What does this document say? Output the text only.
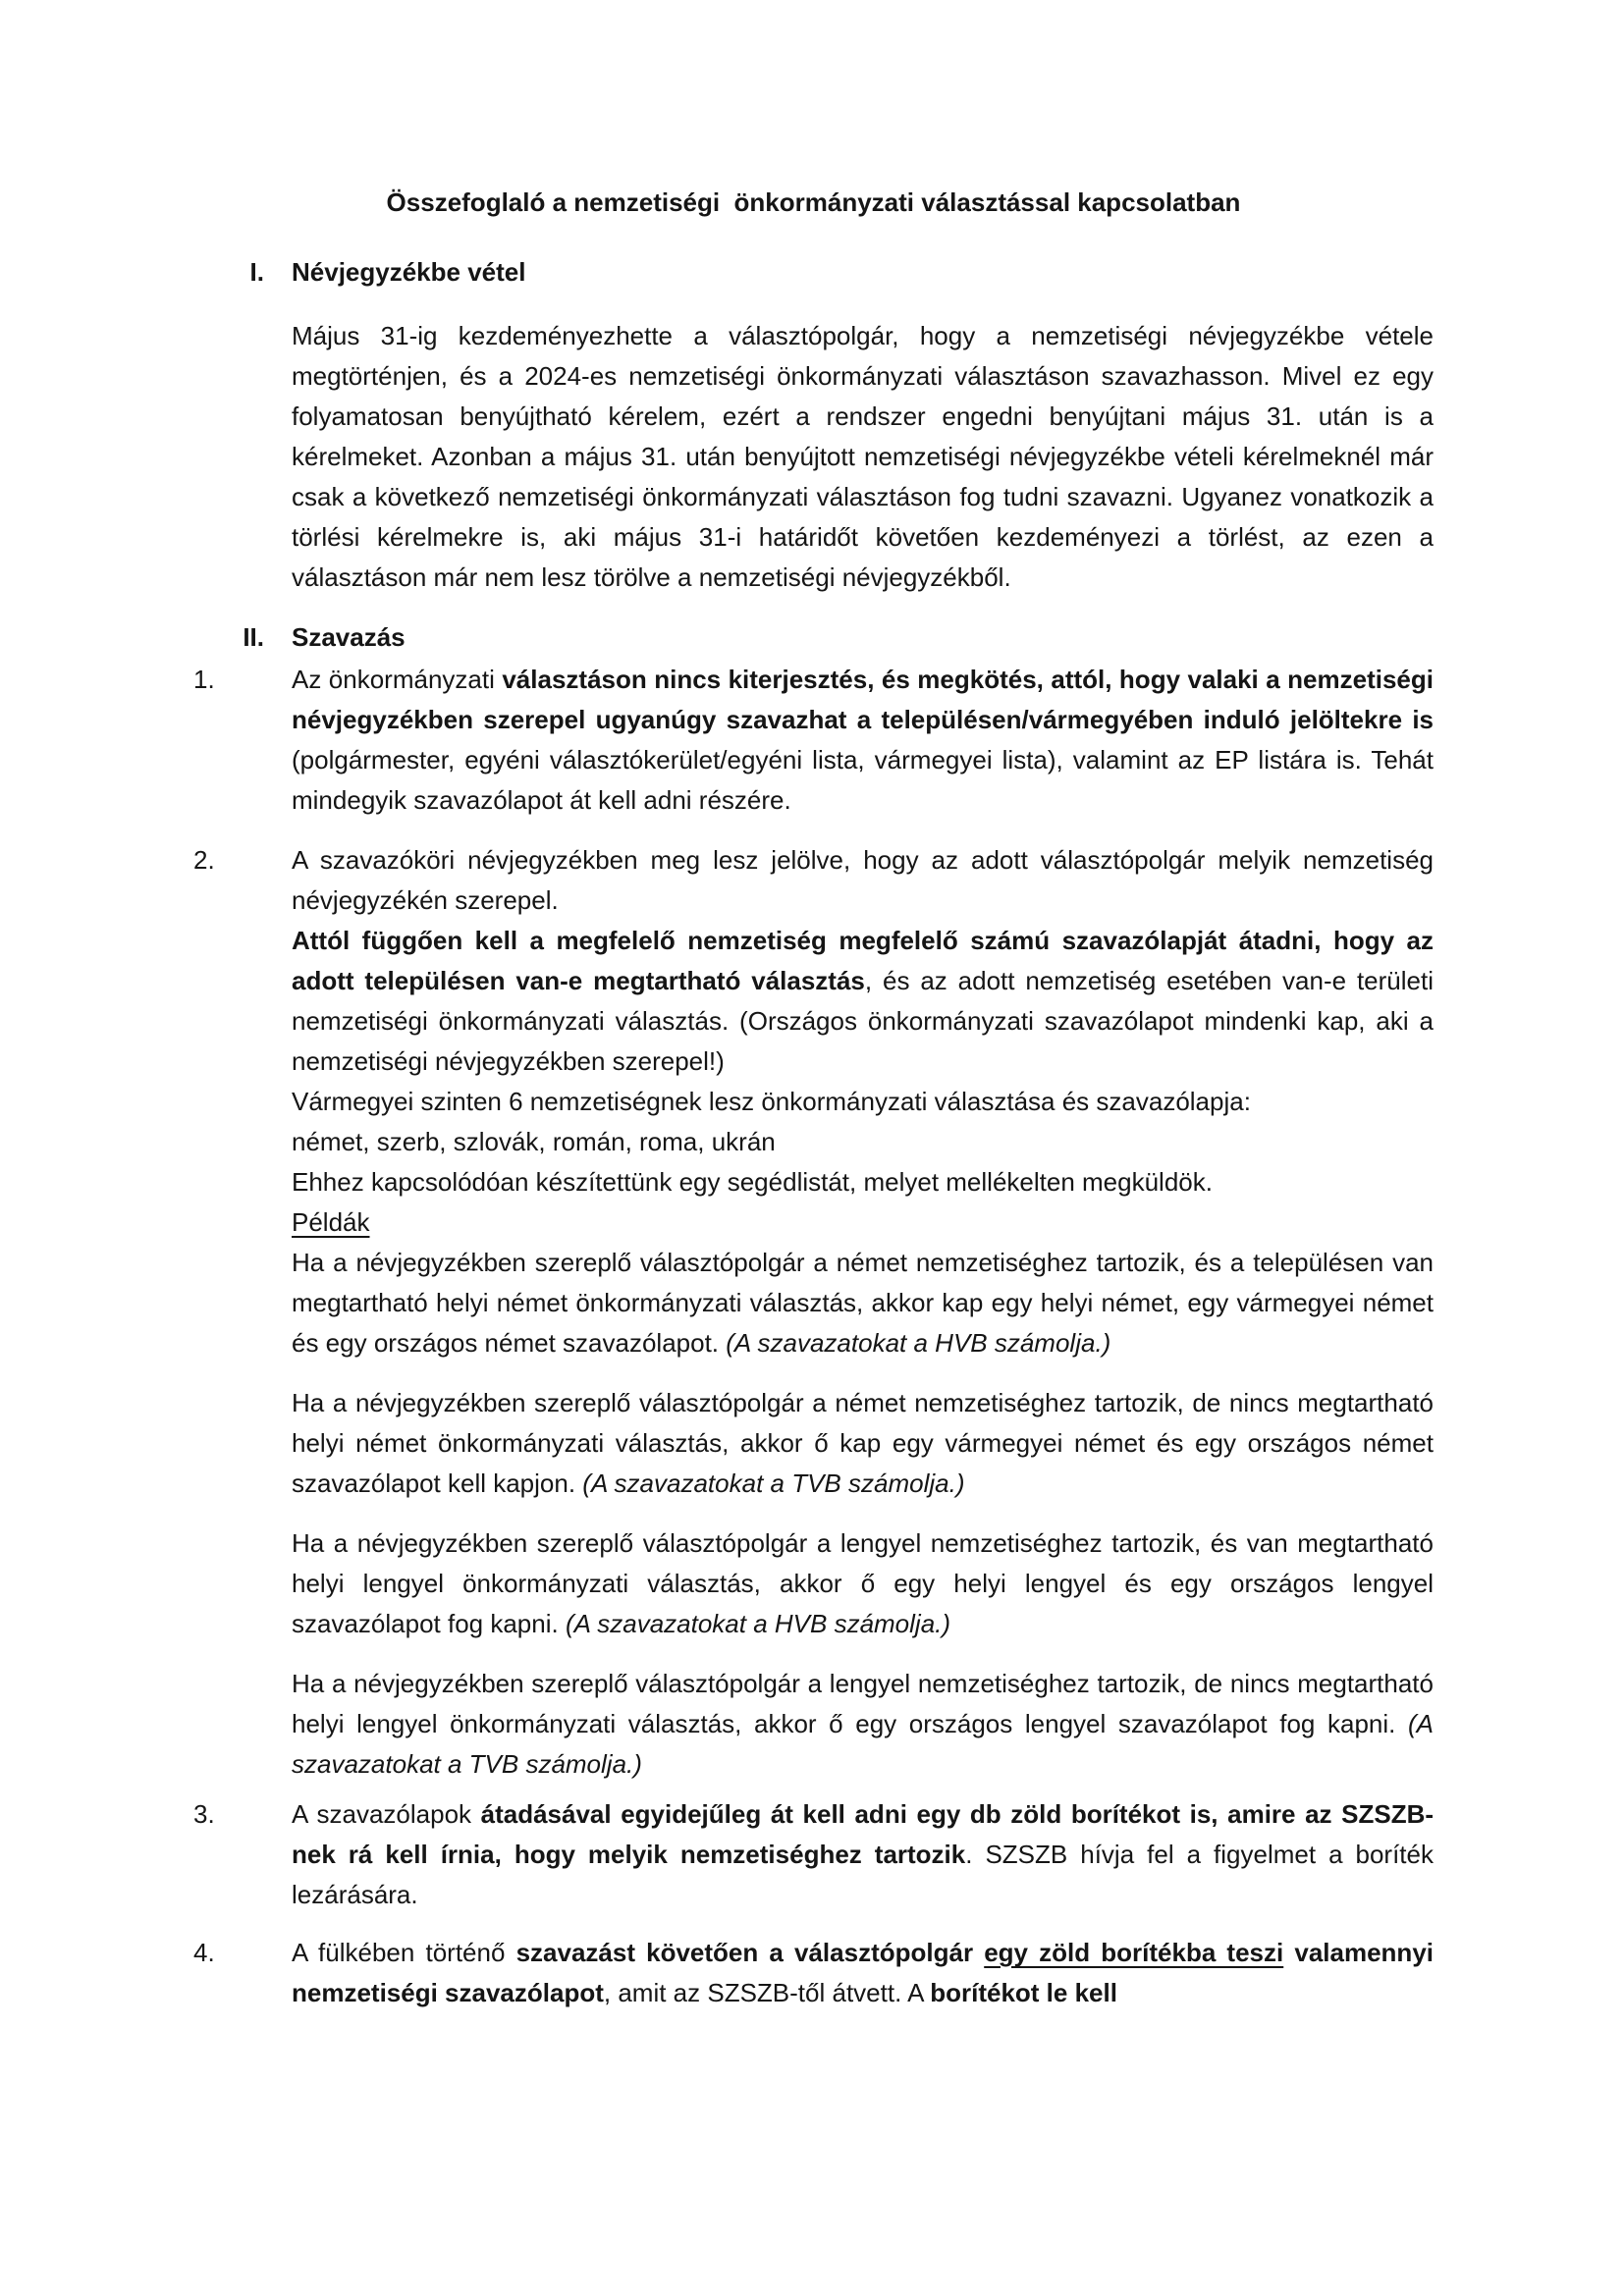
Összefoglaló a nemzetiségi  önkormányzati választással kapcsolatban
I.	Névjegyzékbe vétel
Május 31-ig kezdeményezhette a választópolgár, hogy a nemzetiségi névjegyzékbe vétele megtörténjen, és a 2024-es nemzetiségi önkormányzati választáson szavazhasson. Mivel ez egy folyamatosan benyújtható kérelem, ezért a rendszer engedni benyújtani május 31. után is a kérelmeket. Azonban a május 31. után benyújtott nemzetiségi névjegyzékbe vételi kérelmeknél már csak a következő nemzetiségi önkormányzati választáson fog tudni szavazni. Ugyanez vonatkozik a törlési kérelmekre is, aki május 31-i határidőt követően kezdeményezi a törlést, az ezen a választáson már nem lesz törölve a nemzetiségi névjegyzékből.
II.	Szavazás
1.	Az önkormányzati választáson nincs kiterjesztés, és megkötés, attól, hogy valaki a nemzetiségi névjegyzékben szerepel ugyanúgy szavazhat a településen/vármegyében induló jelöltekre is (polgármester, egyéni választókerület/egyéni lista, vármegyei lista), valamint az EP listára is. Tehát mindegyik szavazólapot át kell adni részére.
2.	A szavazóköri névjegyzékben meg lesz jelölve, hogy az adott választópolgár melyik nemzetiség névjegyzékén szerepel.
Attól függően kell a megfelelő nemzetiség megfelelő számú szavazólapját átadni, hogy az adott településen van-e megtartható választás, és az adott nemzetiség esetében van-e területi nemzetiségi önkormányzati választás. (Országos önkormányzati szavazólapot mindenki kap, aki a nemzetiségi névjegyzékben szerepel!)
Vármegyei szinten 6 nemzetiségnek lesz önkormányzati választása és szavazólapja:
német, szerb, szlovák, román, roma, ukrán
Ehhez kapcsolódóan készítettünk egy segédlistát, melyet mellékelten megküldök.
Példák
Ha a névjegyzékben szereplő választópolgár a német nemzetiséghez tartozik, és a településen van megtartható helyi német önkormányzati választás, akkor kap egy helyi német, egy vármegyei német és egy országos német szavazólapot. (A szavazatokat a HVB számolja.)
Ha a névjegyzékben szereplő választópolgár a német nemzetiséghez tartozik, de nincs megtartható helyi német önkormányzati választás, akkor ő kap egy vármegyei német és egy országos német szavazólapot kell kapjon. (A szavazatokat a TVB számolja.)
Ha a névjegyzékben szereplő választópolgár a lengyel nemzetiséghez tartozik, és van megtartható helyi lengyel önkormányzati választás, akkor ő egy helyi lengyel és egy országos lengyel szavazólapot fog kapni. (A szavazatokat a HVB számolja.)
Ha a névjegyzékben szereplő választópolgár a lengyel nemzetiséghez tartozik, de nincs megtartható helyi lengyel önkormányzati választás, akkor ő egy országos lengyel szavazólapot fog kapni. (A szavazatokat a TVB számolja.)
3.	A szavazólapok átadásával egyidejűleg át kell adni egy db zöld borítékot is, amire az SZSZB-nek rá kell írnia, hogy melyik nemzetiséghez tartozik. SZSZB hívja fel a figyelmet a boríték lezárására.
4.	A fülkében történő szavazást követően a választópolgár egy zöld borítékba teszi valamennyi nemzetiségi szavazólapot, amit az SZSZB-től átvett. A borítékot le kell
